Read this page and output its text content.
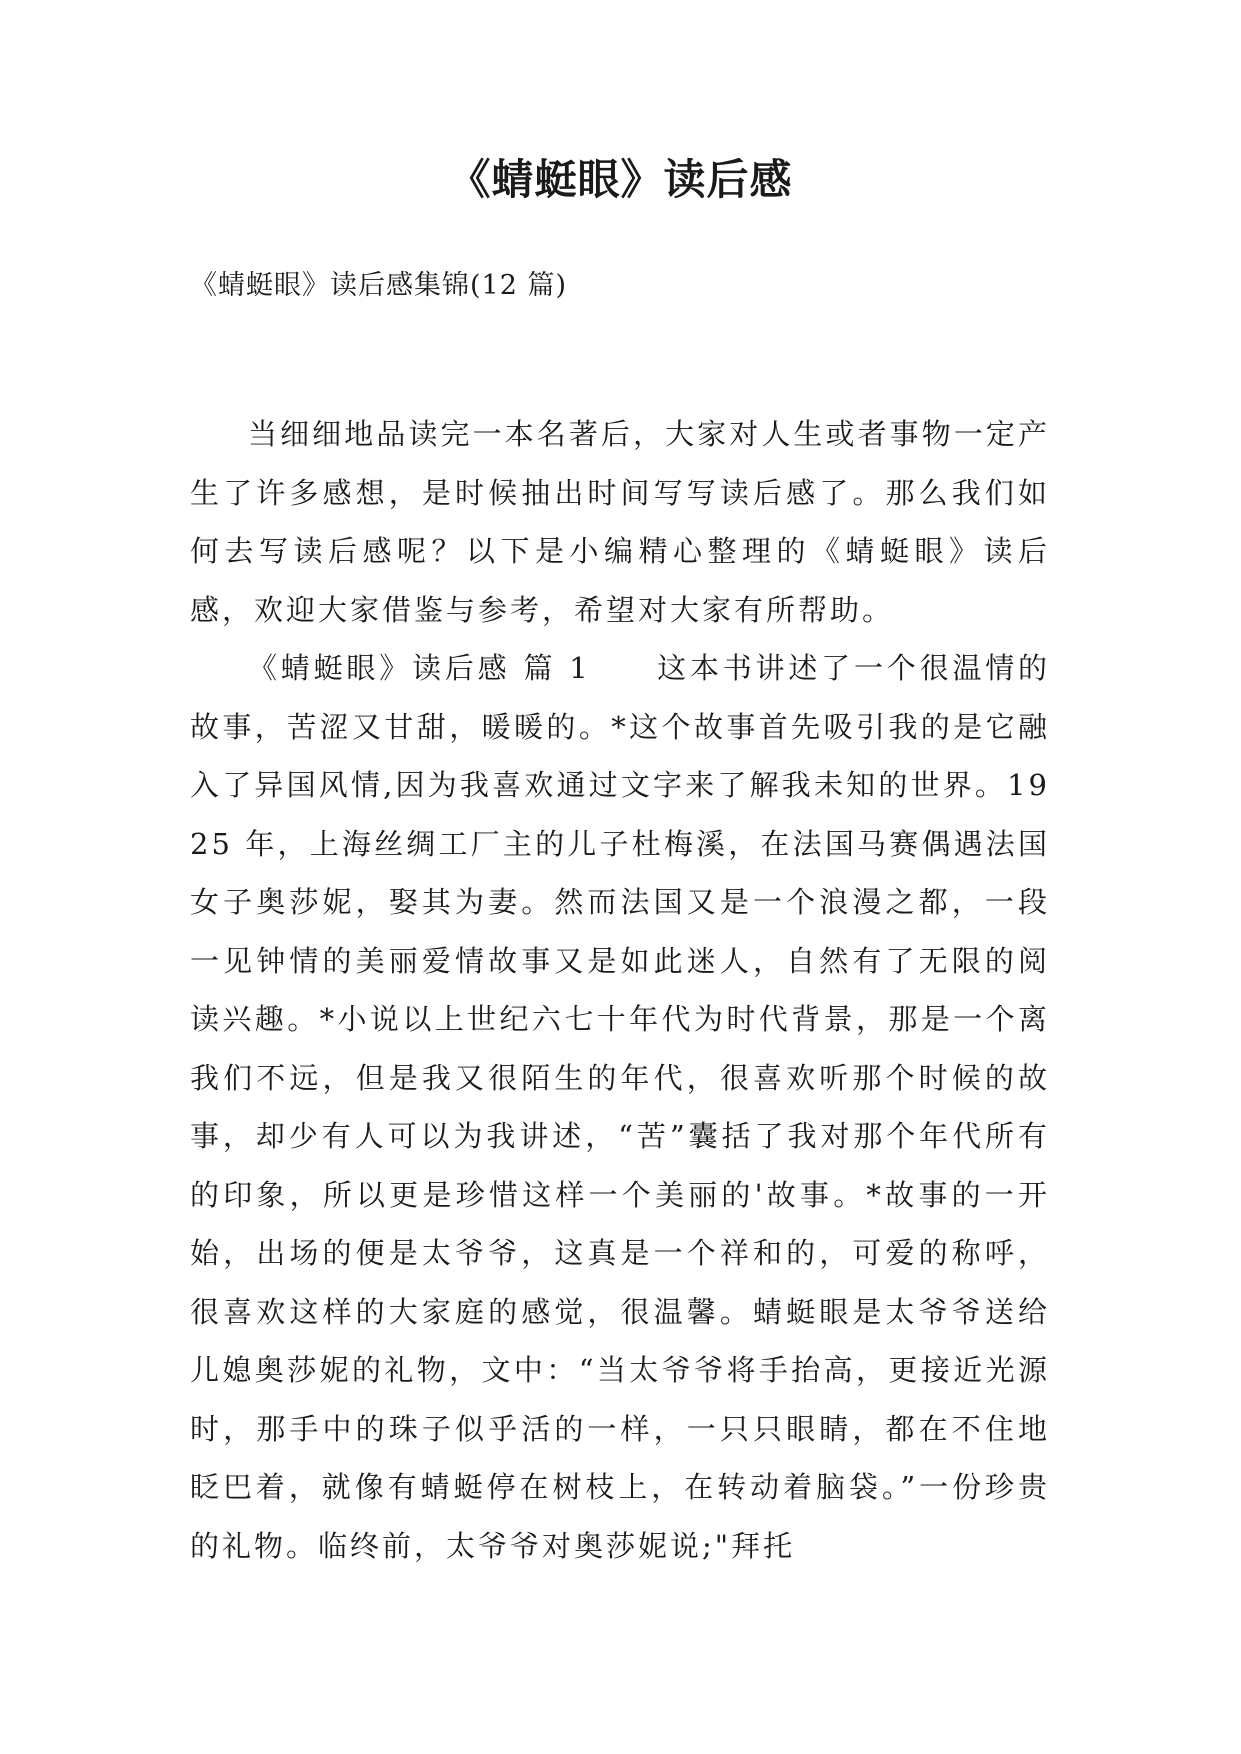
《蜻蜓眼》读后感
《蜻蜓眼》读后感集锦(12 篇)

当细细地品读完一本名著后，大家对人生或者事物一定产生了许多感想，是时候抽出时间写写读后感了。那么我们如何去写读后感呢？以下是小编精心整理的《蜻蜓眼》读后感，欢迎大家借鉴与参考，希望对大家有所帮助。

《蜻蜓眼》读后感 篇 1　　这本书讲述了一个很温情的故事，苦涩又甘甜，暖暖的。*这个故事首先吸引我的是它融入了异国风情,因为我喜欢通过文字来了解我未知的世界。1925 年，上海丝绸工厂主的儿子杜梅溪，在法国马赛偶遇法国女子奥莎妮，娶其为妻。然而法国又是一个浪漫之都，一段一见钟情的美丽爱情故事又是如此迷人，自然有了无限的阅读兴趣。*小说以上世纪六七十年代为时代背景，那是一个离我们不远，但是我又很陌生的年代，很喜欢听那个时候的故事，却少有人可以为我讲述，“苦”囊括了我对那个年代所有的印象，所以更是珍惜这样一个美丽的'故事。*故事的一开始，出场的便是太爷爷，这真是一个祥和的，可爱的称呼，很喜欢这样的大家庭的感觉，很温馨。蜻蜓眼是太爷爷送给儿媳奥莎妮的礼物，文中：“当太爷爷将手抬高，更接近光源时，那手中的珠子似乎活的一样，一只只眼睛，都在不住地眨巴着，就像有蜻蜓停在树枝上，在转动着脑袋。”一份珍贵的礼物。临终前，太爷爷对奥莎妮说;"拜托
